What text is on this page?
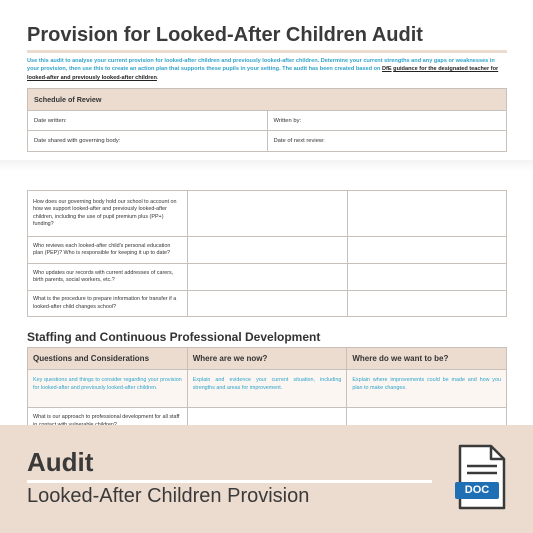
Provision for Looked-After Children Audit

Use this audit to analyse your current provision for looked-after children and previously looked-after children. Determine your current strengths and any gaps or weaknesses in your provision, then use this to create an action plan that supports these pupils in your setting. The audit has been created based on DfE guidance for the designated teacher for looked-after and previously looked-after children.

Schedule of Review
Date written:	Written by:
Date shared with governing body:	Date of next review:
How does our governing body hold our school to account on how we support looked-after and previously looked-after children, including the use of pupil premium plus (PP+) funding?		
Who reviews each looked-after child's personal education plan (PEP)? Who is responsible for keeping it up to date?		
Who updates our records with current addresses of carers, birth parents, social workers, etc.?		
What is the procedure to prepare information for transfer if a looked-after child changes school?		
Staffing and Continuous Professional Development
Questions and Considerations	Where are we now?	Where do we want to be?
Key questions and things to consider regarding your provision for looked-after and previously looked-after children.	Explain and evidence your current situation, including strengths and areas for improvement.	Explain where improvements could be made and how you plan to make changes.
What is our approach to professional development for all staff		
Audit
Looked-After Children Provision	DOC
